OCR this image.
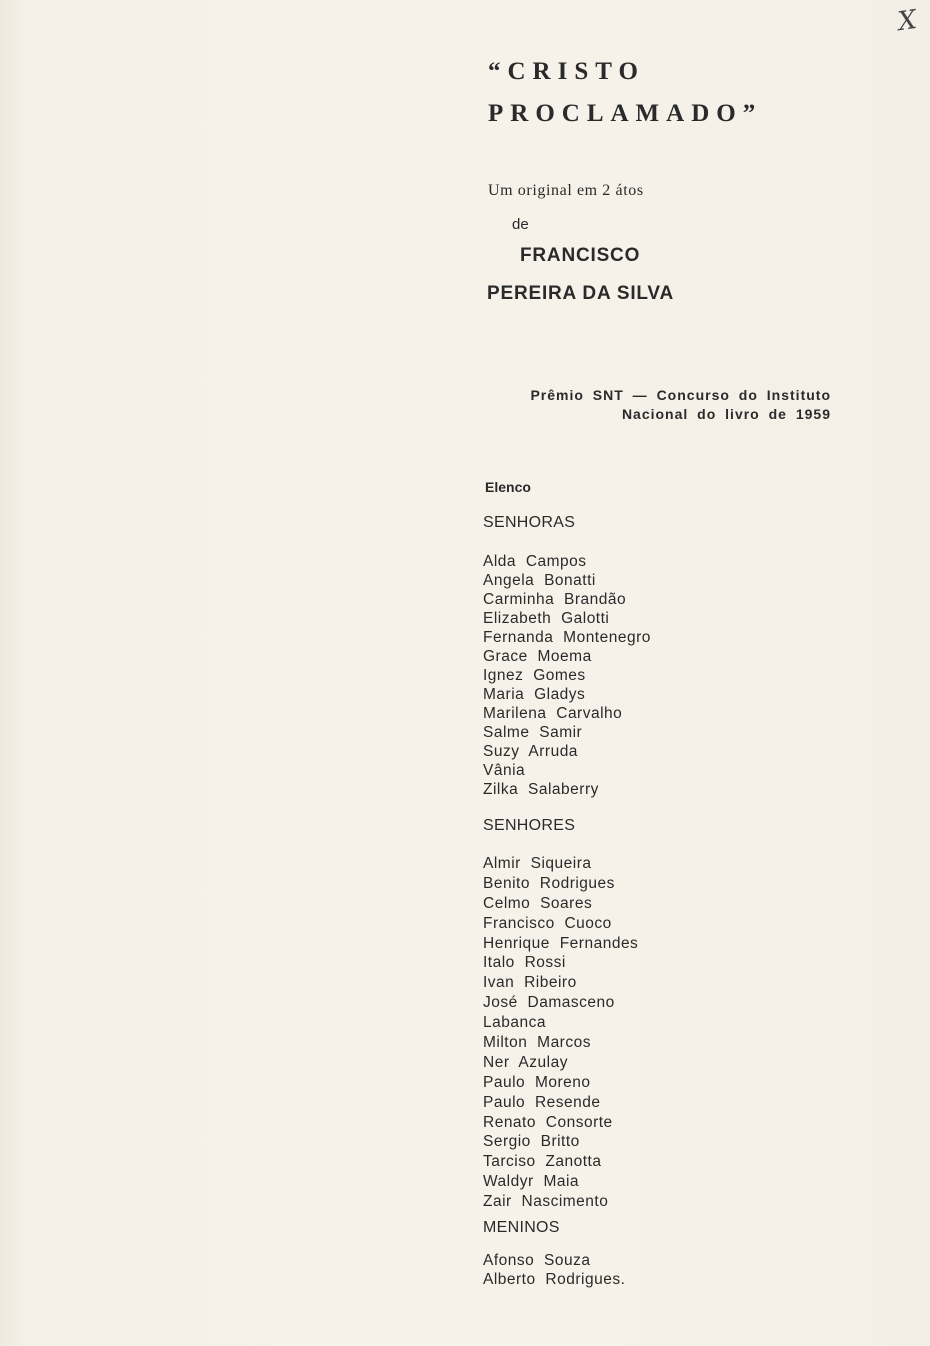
X
“CRISTO
PROCLAMADO”
Um original em 2 átos
de
FRANCISCO
PEREIRA DA SILVA
Prêmio SNT — Concurso do Instituto
Nacional do livro de 1959
Elenco
SENHORAS
Alda Campos
Angela Bonatti
Carminha Brandão
Elizabeth Galotti
Fernanda Montenegro
Grace Moema
Ignez Gomes
Maria Gladys
Marilena Carvalho
Salme Samir
Suzy Arruda
Vânia
Zilka Salaberry
SENHORES
Almir Siqueira
Benito Rodrigues
Celmo Soares
Francisco Cuoco
Henrique Fernandes
Italo Rossi
Ivan Ribeiro
José Damasceno
Labanca
Milton Marcos
Ner Azulay
Paulo Moreno
Paulo Resende
Renato Consorte
Sergio Britto
Tarciso Zanotta
Waldyr Maia
Zair Nascimento
MENINOS
Afonso Souza
Alberto Rodrigues.
